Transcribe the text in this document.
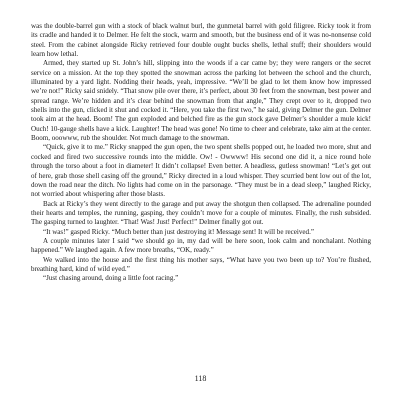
was the double-barrel gun with a stock of black walnut burl, the gunmetal barrel with gold filigree. Ricky took it from its cradle and handed it to Delmer. He felt the stock, warm and smooth, but the business end of it was no-nonsense cold steel. From the cabinet alongside Ricky retrieved four double ought bucks shells, lethal stuff; their shoulders would learn how lethal.

Armed, they started up St. John’s hill, slipping into the woods if a car came by; they were rangers or the secret service on a mission. At the top they spotted the snowman across the parking lot between the school and the church, illuminated by a yard light. Nodding their heads, yeah, impressive. “We’ll be glad to let them know how impressed we’re not!” Ricky said snidely. “That snow pile over there, it’s perfect, about 30 feet from the snowman, best power and spread range. We’re hidden and it’s clear behind the snowman from that angle,” They crept over to it, dropped two shells into the gun, clicked it shut and cocked it. “Here, you take the first two,” he said, giving Delmer the gun. Delmer took aim at the head. Boom! The gun exploded and belched fire as the gun stock gave Delmer’s shoulder a mule kick! Ouch! 10-gauge shells have a kick. Laughter! The head was gone! No time to cheer and celebrate, take aim at the center. Boom, ooowww, rub the shoulder. Not much damage to the snowman.

“Quick, give it to me.” Ricky snapped the gun open, the two spent shells popped out, he loaded two more, shut and cocked and fired two successive rounds into the middle. Ow! - Owwww! His second one did it, a nice round hole through the torso about a foot in diameter! It didn’t collapse! Even better. A headless, gutless snowman! “Let’s get out of here, grab those shell casing off the ground,” Ricky directed in a loud whisper. They scurried bent low out of the lot, down the road near the ditch. No lights had come on in the parsonage. “They must be in a dead sleep,” laughed Ricky, not worried about whispering after those blasts.

Back at Ricky’s they went directly to the garage and put away the shotgun then collapsed. The adrenaline pounded their hearts and temples, the running, gasping, they couldn’t move for a couple of minutes. Finally, the rush subsided. The gasping turned to laughter. “That! Was! Just! Perfect!” Delmer finally got out.

“It was!” gasped Ricky. “Much better than just destroying it! Message sent! It will be received.”

A couple minutes later I said “we should go in, my dad will be here soon, look calm and nonchalant. Nothing happened.” We laughed again. A few more breaths, “OK, ready.”

We walked into the house and the first thing his mother says, “What have you two been up to? You’re flushed, breathing hard, kind of wild eyed.”

“Just chasing around, doing a little foot racing.”

118
